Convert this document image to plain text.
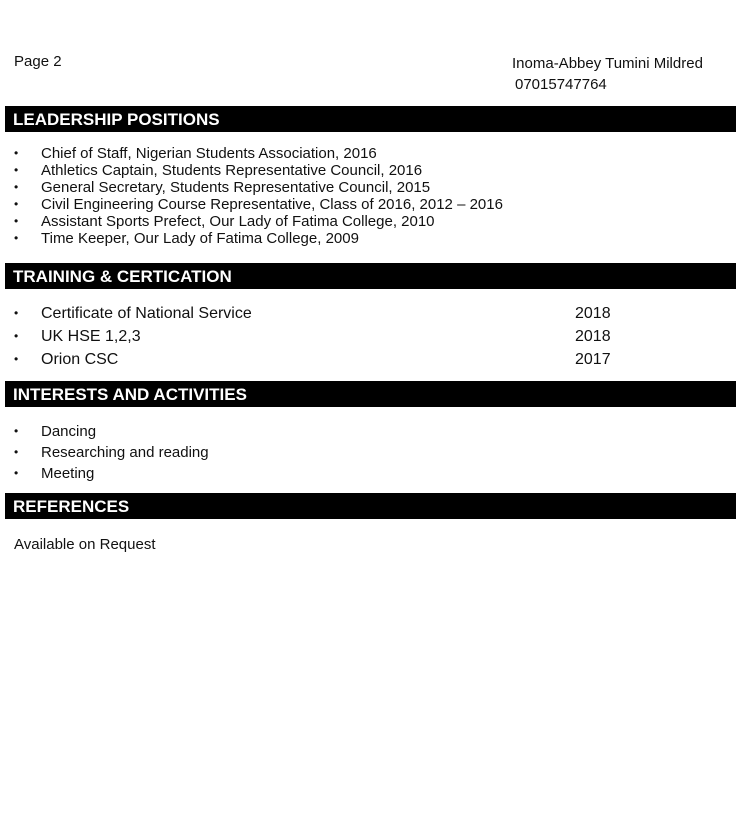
Page 2	Inoma-Abbey Tumini Mildred
07015747764
LEADERSHIP POSITIONS
• Chief of Staff, Nigerian Students Association, 2016
• Athletics Captain, Students Representative Council, 2016
• General Secretary, Students Representative Council, 2015
• Civil Engineering Course Representative, Class of 2016, 2012 – 2016
• Assistant Sports Prefect, Our Lady of Fatima College, 2010
• Time Keeper, Our Lady of Fatima College, 2009
TRAINING & CERTICATION
• Certificate of National Service	2018
• UK HSE 1,2,3	2018
• Orion CSC	2017
INTERESTS AND ACTIVITIES
• Dancing
• Researching and reading
• Meeting
REFERENCES
Available on Request
